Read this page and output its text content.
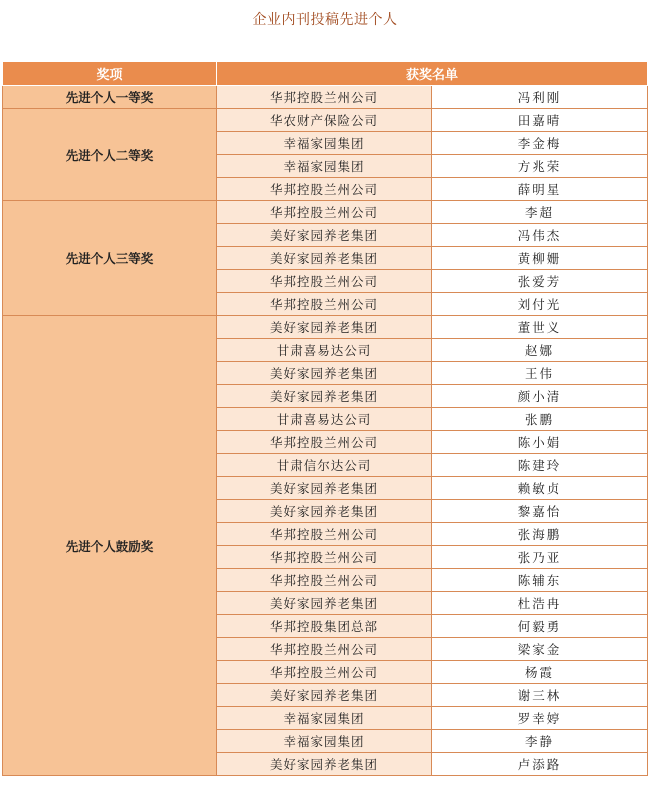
企业内刊投稿先进个人
奖项	获奖名单	
先进个人一等奖	华邦控股兰州公司	冯利刚
先进个人二等奖	华农财产保险公司	田嘉晴
	幸福家园集团	李金梅
	幸福家园集团	方兆荣
	华邦控股兰州公司	薛明星
先进个人三等奖	华邦控股兰州公司	李超
	美好家园养老集团	冯伟杰
	美好家园养老集团	黄柳姗
	华邦控股兰州公司	张爱芳
	华邦控股兰州公司	刘付光
先进个人鼓励奖	美好家园养老集团	董世义
	甘肃喜易达公司	赵娜
	美好家园养老集团	王伟
	美好家园养老集团	颜小清
	甘肃喜易达公司	张鹏
	华邦控股兰州公司	陈小娟
	甘肃信尔达公司	陈建玲
	美好家园养老集团	赖敏贞
	美好家园养老集团	黎嘉怡
	华邦控股兰州公司	张海鹏
	华邦控股兰州公司	张乃亚
	华邦控股兰州公司	陈辅东
	美好家园养老集团	杜浩冉
	华邦控股集团总部	何毅勇
	华邦控股兰州公司	梁家金
	华邦控股兰州公司	杨霞
	美好家园养老集团	谢三林
	幸福家园集团	罗幸婷
	幸福家园集团	李静
	美好家园养老集团	卢添路
